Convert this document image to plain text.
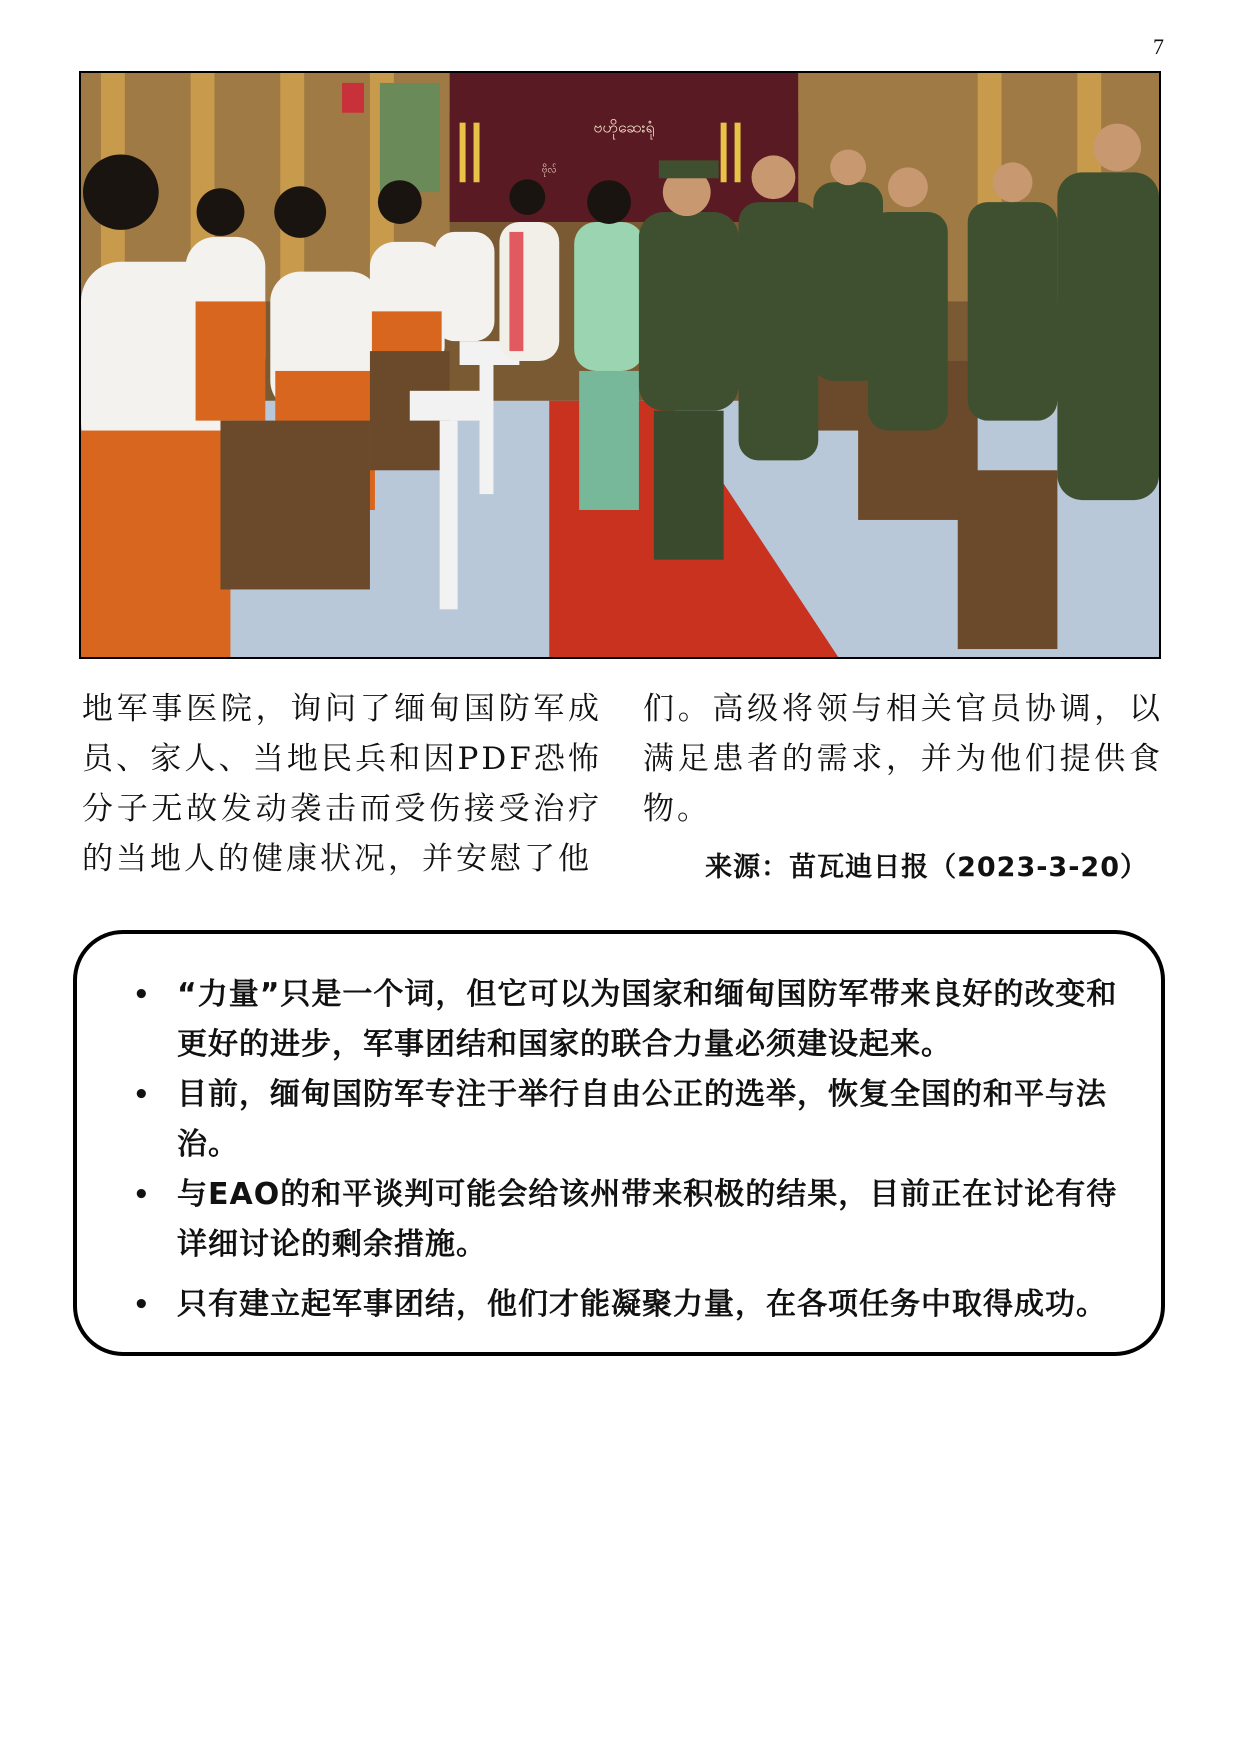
7
ဗဟိုဆေးရုံ
ဗိုလ်
地军事医院，询问了缅甸国防军成员、家人、当地民兵和因PDF恐怖分子无故发动袭击而受伤接受治疗的当地人的健康状况，并安慰了他
们。高级将领与相关官员协调，以满足患者的需求，并为他们提供食物。
来源：苗瓦迪日报（2023-3-20）
• “力量”只是一个词，但它可以为国家和缅甸国防军带来良好的改变和更好的进步，军事团结和国家的联合力量必须建设起来。
• 目前，缅甸国防军专注于举行自由公正的选举，恢复全国的和平与法治。
• 与EAO的和平谈判可能会给该州带来积极的结果，目前正在讨论有待详细讨论的剩余措施。
• 只有建立起军事团结，他们才能凝聚力量，在各项任务中取得成功。
